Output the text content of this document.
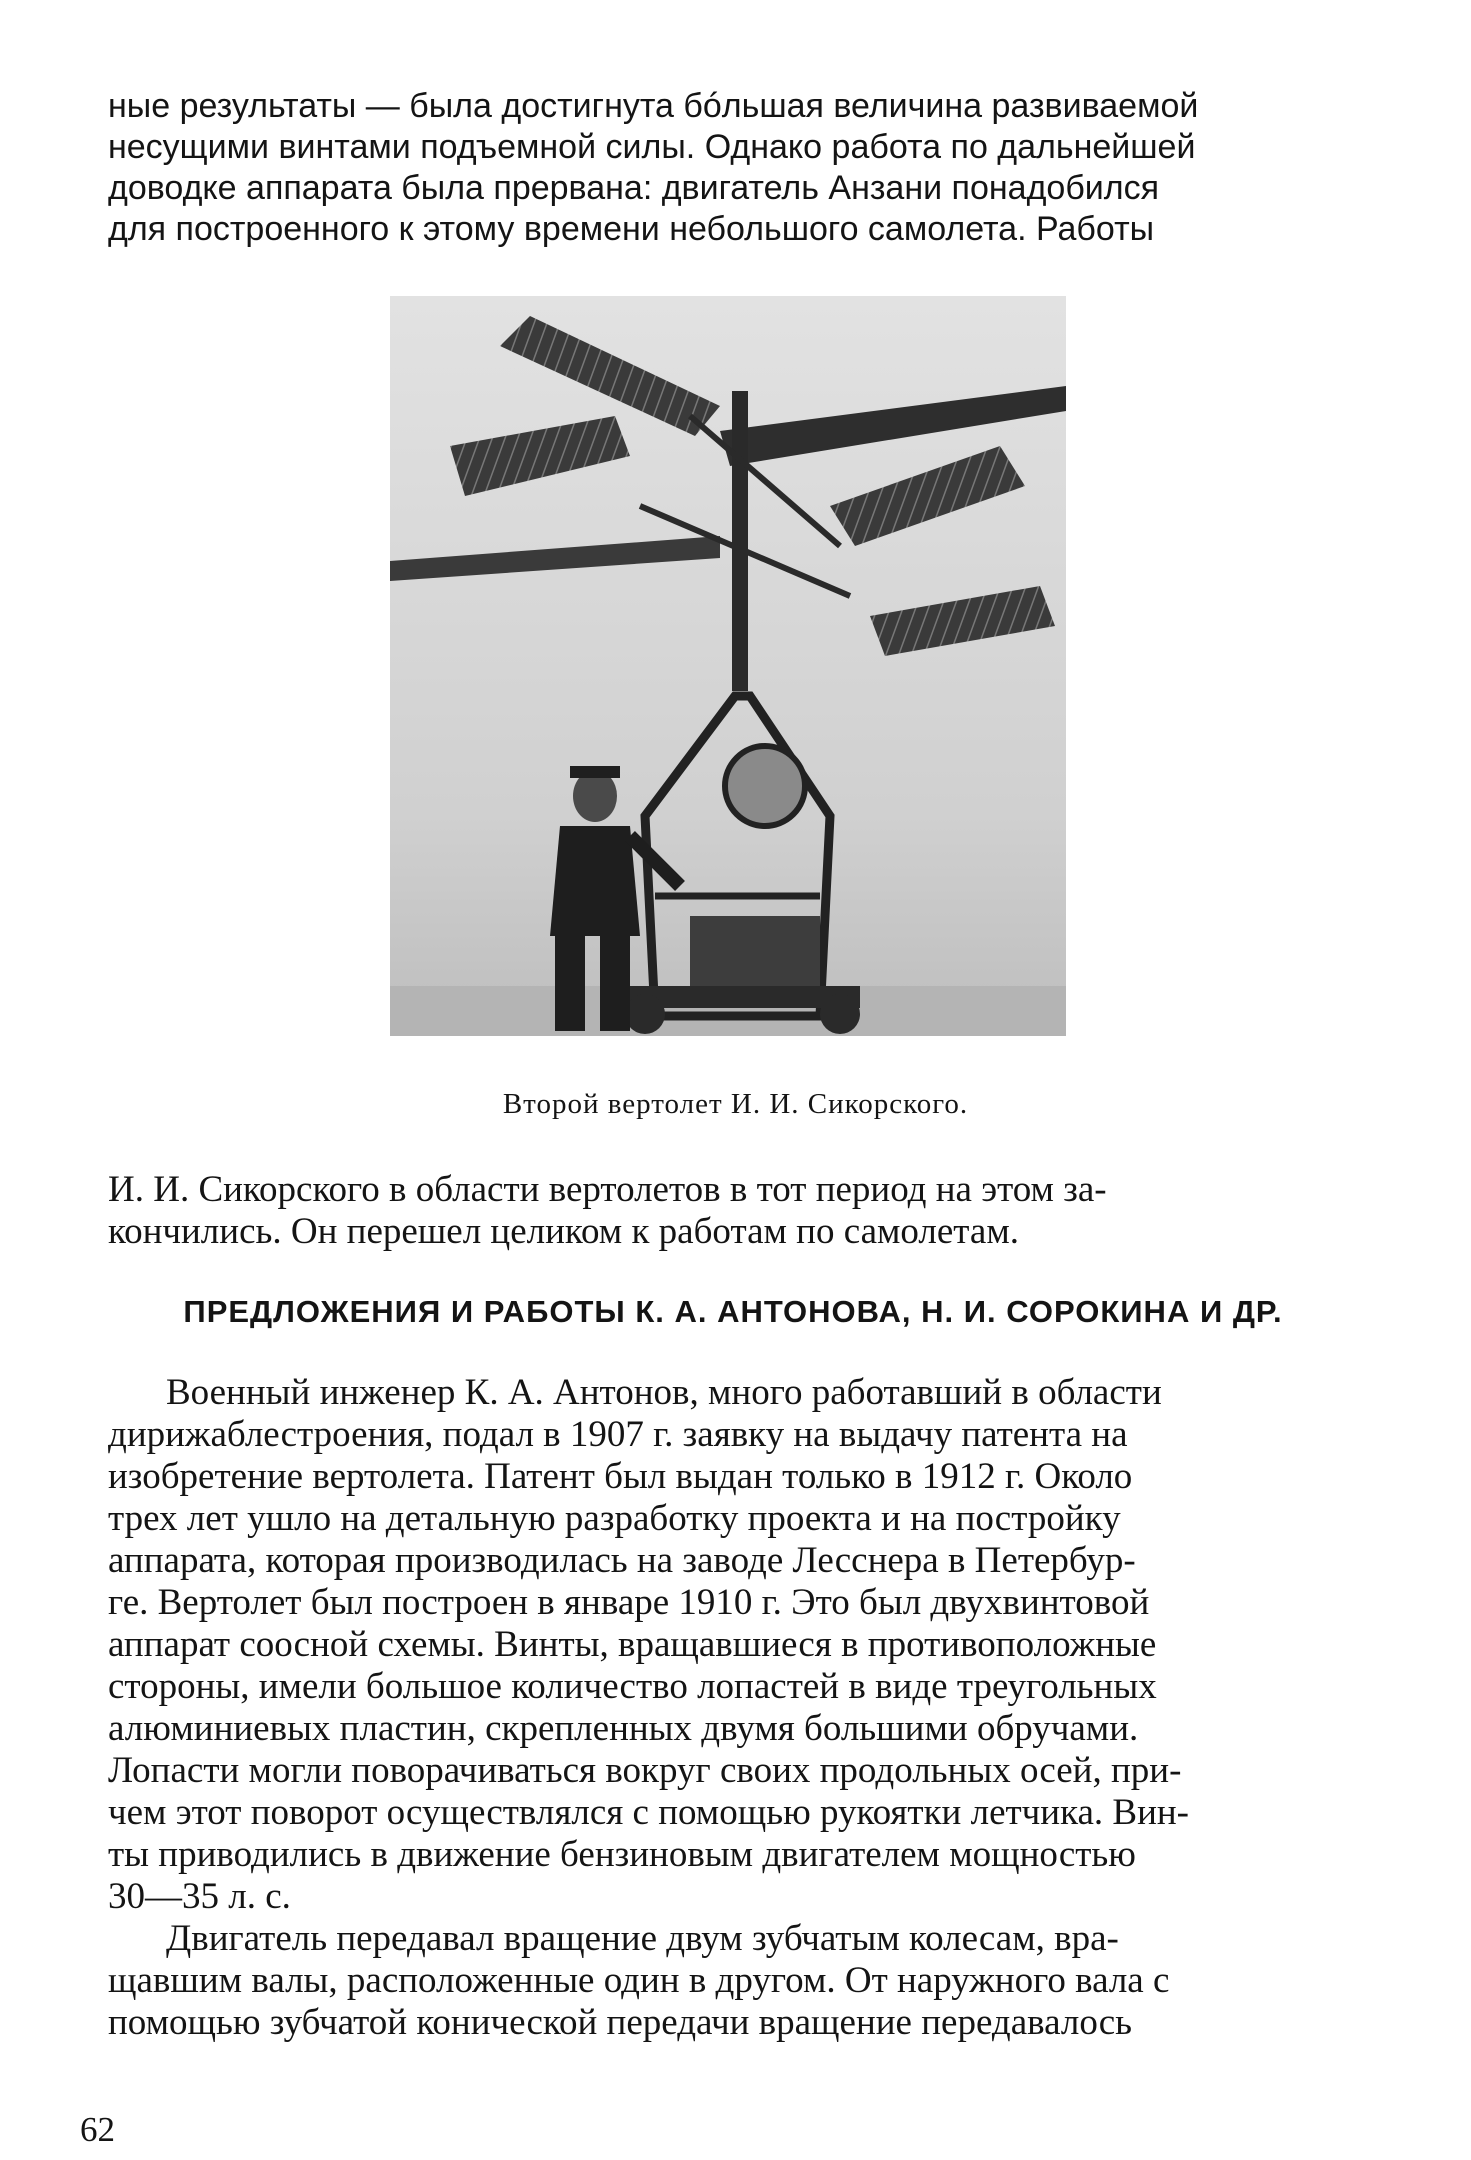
ные результаты — была достигнута бóльшая величина развиваемой

несущими винтами подъемной силы. Однако работа по дальнейшей

доводке аппарата была прервана: двигатель Анзани понадобился

для построенного к этому времени небольшого самолета. Работы

Второй вертолет И. И. Сикорского.

И. И. Сикорского в области вертолетов в тот период на этом за-

кончились. Он перешел целиком к работам по самолетам.

ПРЕДЛОЖЕНИЯ И РАБОТЫ К. А. АНТОНОВА, Н. И. СОРОКИНА И ДР.

Военный инженер К. А. Антонов, много работавший в области

дирижаблестроения, подал в 1907 г. заявку на выдачу патента на

изобретение вертолета. Патент был выдан только в 1912 г. Около

трех лет ушло на детальную разработку проекта и на постройку

аппарата, которая производилась на заводе Лесснера в Петербур-

ге. Вертолет был построен в январе 1910 г. Это был двухвинтовой

аппарат соосной схемы. Винты, вращавшиеся в противоположные

стороны, имели большое количество лопастей в виде треугольных

алюминиевых пластин, скрепленных двумя большими обручами.

Лопасти могли поворачиваться вокруг своих продольных осей, при-

чем этот поворот осуществлялся с помощью рукоятки летчика. Вин-

ты приводились в движение бензиновым двигателем мощностью

30—35 л. с.

Двигатель передавал вращение двум зубчатым колесам, вра-

щавшим валы, расположенные один в другом. От наружного вала с

помощью зубчатой конической передачи вращение передавалось

62
